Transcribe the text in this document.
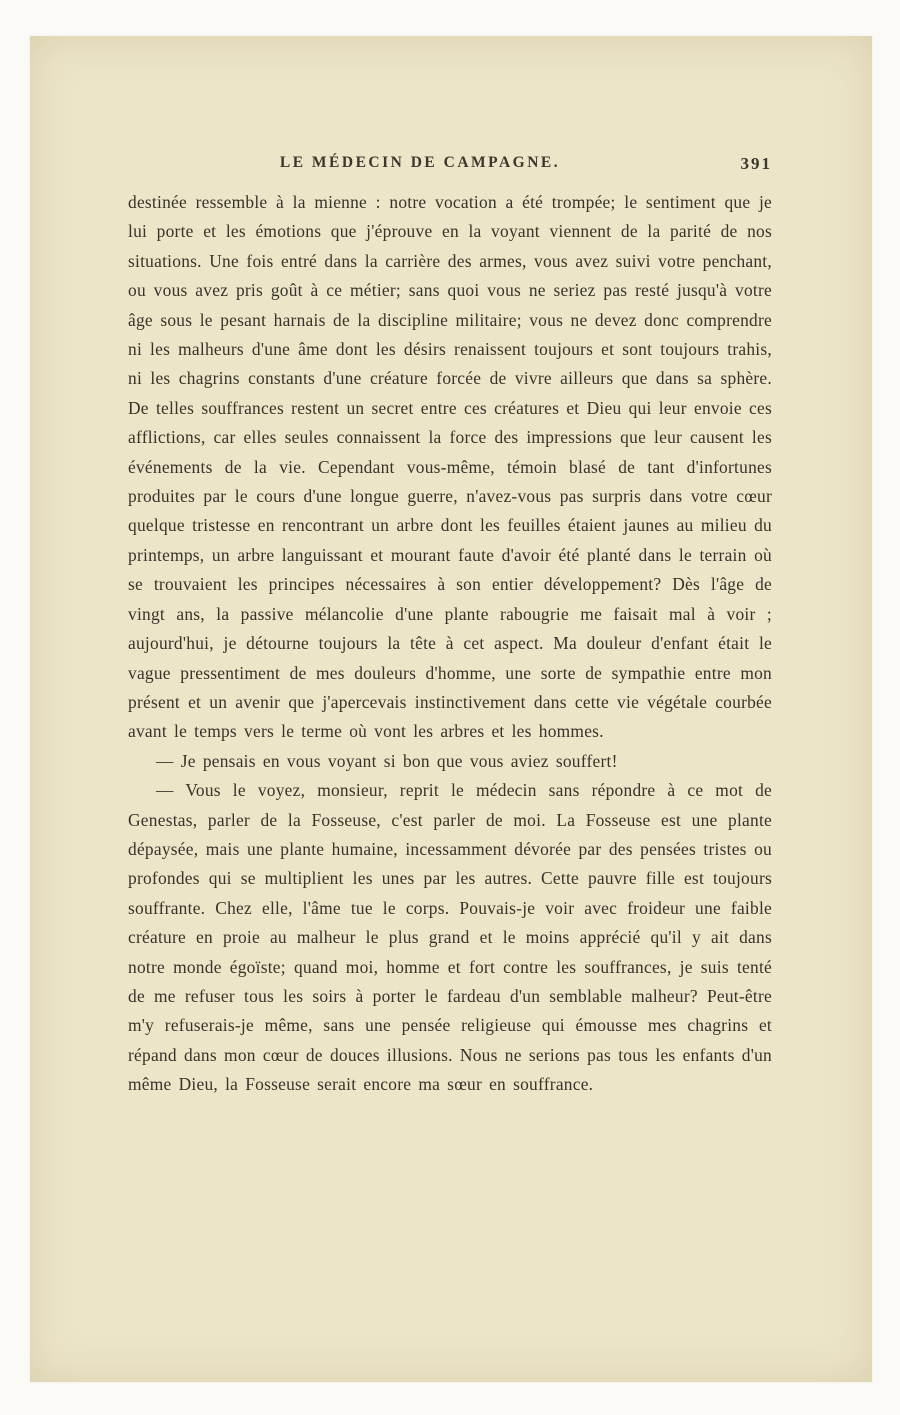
LE MÉDECIN DE CAMPAGNE.	391

destinée ressemble à la mienne : notre vocation a été trompée; le sentiment que je lui porte et les émotions que j'éprouve en la voyant viennent de la parité de nos situations. Une fois entré dans la carrière des armes, vous avez suivi votre penchant, ou vous avez pris goût à ce métier; sans quoi vous ne seriez pas resté jusqu'à votre âge sous le pesant harnais de la discipline militaire; vous ne devez donc comprendre ni les malheurs d'une âme dont les désirs renaissent toujours et sont toujours trahis, ni les chagrins constants d'une créature forcée de vivre ailleurs que dans sa sphère. De telles souffrances restent un secret entre ces créatures et Dieu qui leur envoie ces afflictions, car elles seules connaissent la force des impressions que leur causent les événements de la vie. Cependant vous-même, témoin blasé de tant d'infortunes produites par le cours d'une longue guerre, n'avez-vous pas surpris dans votre cœur quelque tristesse en rencontrant un arbre dont les feuilles étaient jaunes au milieu du printemps, un arbre languissant et mourant faute d'avoir été planté dans le terrain où se trouvaient les principes nécessaires à son entier développement? Dès l'âge de vingt ans, la passive mélancolie d'une plante rabougrie me faisait mal à voir ; aujourd'hui, je détourne toujours la tête à cet aspect. Ma douleur d'enfant était le vague pressentiment de mes douleurs d'homme, une sorte de sympathie entre mon présent et un avenir que j'apercevais instinctivement dans cette vie végétale courbée avant le temps vers le terme où vont les arbres et les hommes.

— Je pensais en vous voyant si bon que vous aviez souffert!

— Vous le voyez, monsieur, reprit le médecin sans répondre à ce mot de Genestas, parler de la Fosseuse, c'est parler de moi. La Fosseuse est une plante dépaysée, mais une plante humaine, incessamment dévorée par des pensées tristes ou profondes qui se multiplient les unes par les autres. Cette pauvre fille est toujours souffrante. Chez elle, l'âme tue le corps. Pouvais-je voir avec froideur une faible créature en proie au malheur le plus grand et le moins apprécié qu'il y ait dans notre monde égoïste; quand moi, homme et fort contre les souffrances, je suis tenté de me refuser tous les soirs à porter le fardeau d'un semblable malheur? Peut-être m'y refuserais-je même, sans une pensée religieuse qui émousse mes chagrins et répand dans mon cœur de douces illusions. Nous ne serions pas tous les enfants d'un même Dieu, la Fosseuse serait encore ma sœur en souffrance.
